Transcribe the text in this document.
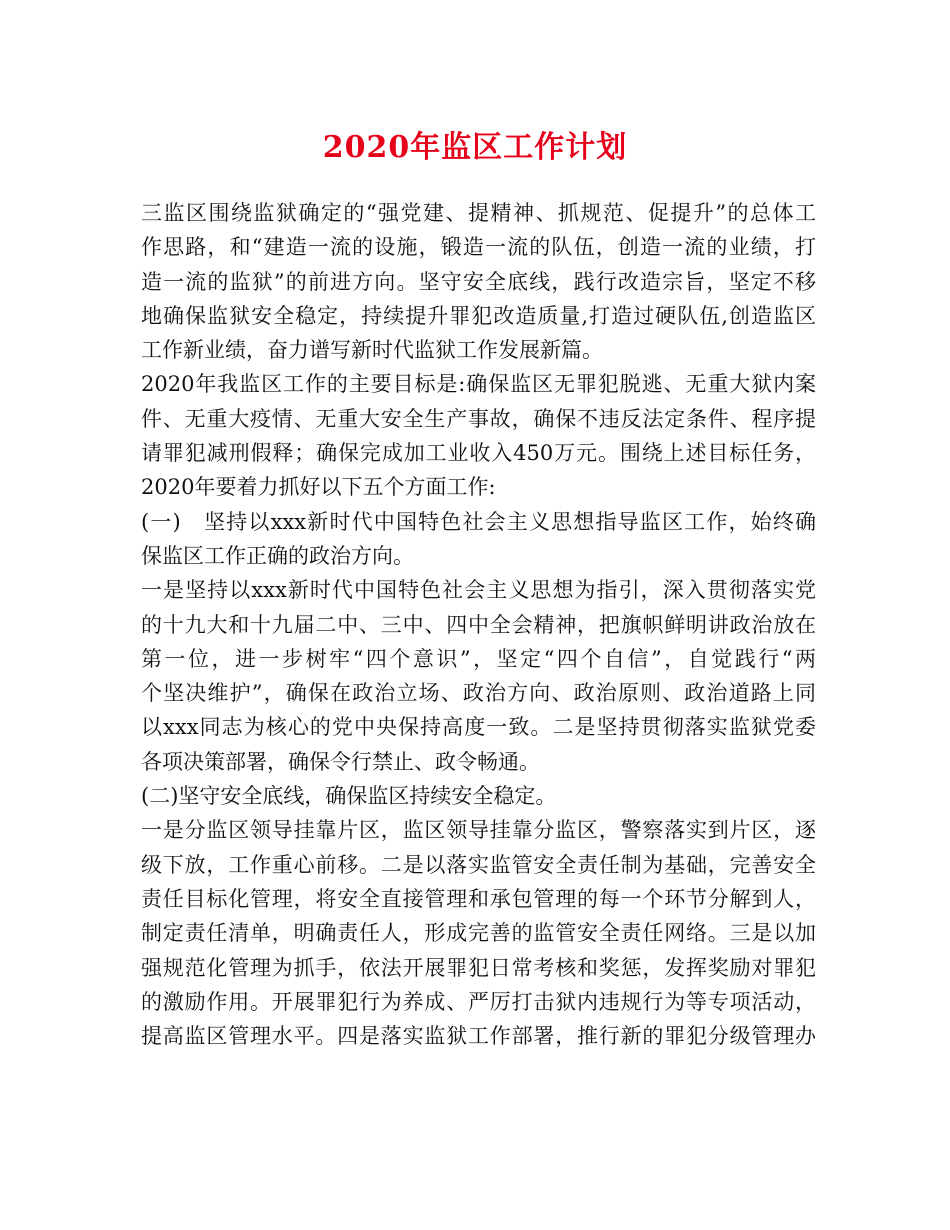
2020年监区工作计划
三监区围绕监狱确定的“强党建、提精神、抓规范、促提升”的总体工
作思路，和“建造一流的设施，锻造一流的队伍，创造一流的业绩，打
造一流的监狱”的前进方向。坚守安全底线，践行改造宗旨，坚定不移
地确保监狱安全稳定，持续提升罪犯改造质量,打造过硬队伍,创造监区
工作新业绩，奋力谱写新时代监狱工作发展新篇。
2020年我监区工作的主要目标是:确保监区无罪犯脱逃、无重大狱内案
件、无重大疫情、无重大安全生产事故，确保不违反法定条件、程序提
请罪犯减刑假释；确保完成加工业收入450万元。围绕上述目标任务，
2020年要着力抓好以下五个方面工作:
(一)　坚持以xxx新时代中国特色社会主义思想指导监区工作，始终确
保监区工作正确的政治方向。
一是坚持以xxx新时代中国特色社会主义思想为指引，深入贯彻落实党
的十九大和十九届二中、三中、四中全会精神，把旗帜鲜明讲政治放在
第一位，进一步树牢“四个意识”，坚定“四个自信”，自觉践行“两
个坚决维护”，确保在政治立场、政治方向、政治原则、政治道路上同
以xxx同志为核心的党中央保持高度一致。二是坚持贯彻落实监狱党委
各项决策部署，确保令行禁止、政令畅通。
(二)坚守安全底线，确保监区持续安全稳定。
一是分监区领导挂靠片区，监区领导挂靠分监区，警察落实到片区，逐
级下放，工作重心前移。二是以落实监管安全责任制为基础，完善安全
责任目标化管理，将安全直接管理和承包管理的每一个环节分解到人，
制定责任清单，明确责任人，形成完善的监管安全责任网络。三是以加
强规范化管理为抓手，依法开展罪犯日常考核和奖惩，发挥奖励对罪犯
的激励作用。开展罪犯行为养成、严厉打击狱内违规行为等专项活动，
提高监区管理水平。四是落实监狱工作部署，推行新的罪犯分级管理办
